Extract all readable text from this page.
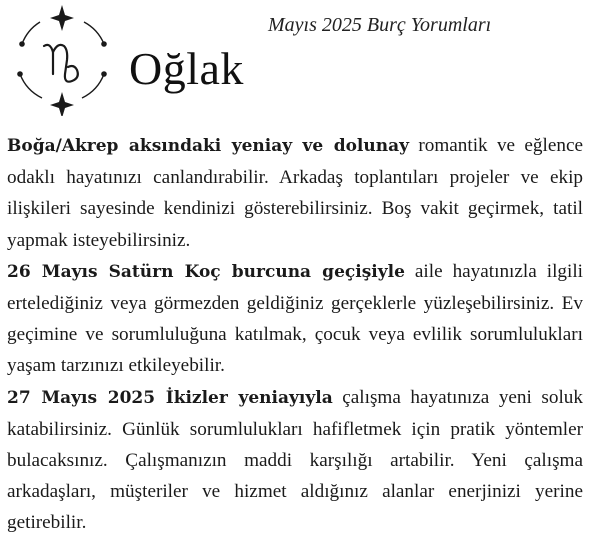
Mayıs 2025 Burç Yorumları
Oğlak

Boğa/Akrep aksındaki yeniay ve dolunay romantik ve eğlence odaklı hayatınızı canlandırabilir. Arkadaş toplantıları projeler ve ekip ilişkileri sayesinde kendinizi gösterebilirsiniz. Boş vakit geçirmek, tatil yapmak isteyebilirsiniz.

26 Mayıs Satürn Koç burcuna geçişiyle aile hayatınızla ilgili ertelediğiniz veya görmezden geldiğiniz gerçeklerle yüzleşebilirsiniz. Ev geçimine ve sorumluluğuna katılmak, çocuk veya evlilik sorumlulukları yaşam tarzınızı etkileyebilir.

27 Mayıs 2025 İkizler yeniayıyla çalışma hayatınıza yeni soluk katabilirsiniz. Günlük sorumlulukları hafifletmek için pratik yöntemler bulacaksınız. Çalışmanızın maddi karşılığı artabilir. Yeni çalışma arkadaşları, müşteriler ve hizmet aldığınız alanlar enerjinizi yerine getirebilir.
